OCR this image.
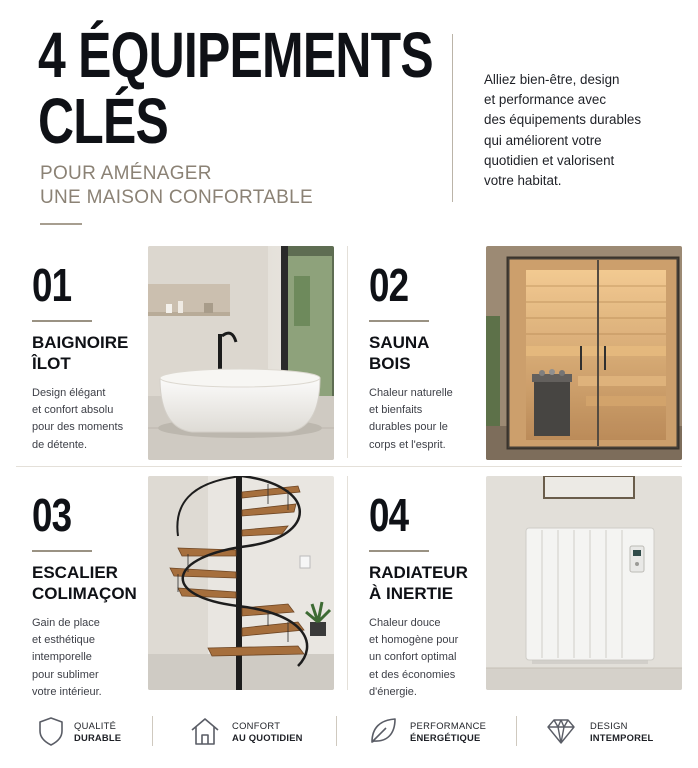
4 ÉQUIPEMENTS
CLÉS

POUR AMÉNAGER
UNE MAISON CONFORTABLE

Alliez bien-être, design
et performance avec
des équipements durables
qui améliorent votre
quotidien et valorisent
votre habitat.

01

BAIGNOIRE
ÎLOT

Design élégant
et confort absolu
pour des moments
de détente.

02

SAUNA
BOIS

Chaleur naturelle
et bienfaits
durables pour le
corps et l'esprit.

03

ESCALIER
COLIMAÇON

Gain de place
et esthétique
intemporelle
pour sublimer
votre intérieur.

04

RADIATEUR
À INERTIE

Chaleur douce
et homogène pour
un confort optimal
et des économies
d'énergie.

QUALITÉ
DURABLE
CONFORT
AU QUOTIDIEN
PERFORMANCE
ÉNERGÉTIQUE
DESIGN
INTEMPOREL
